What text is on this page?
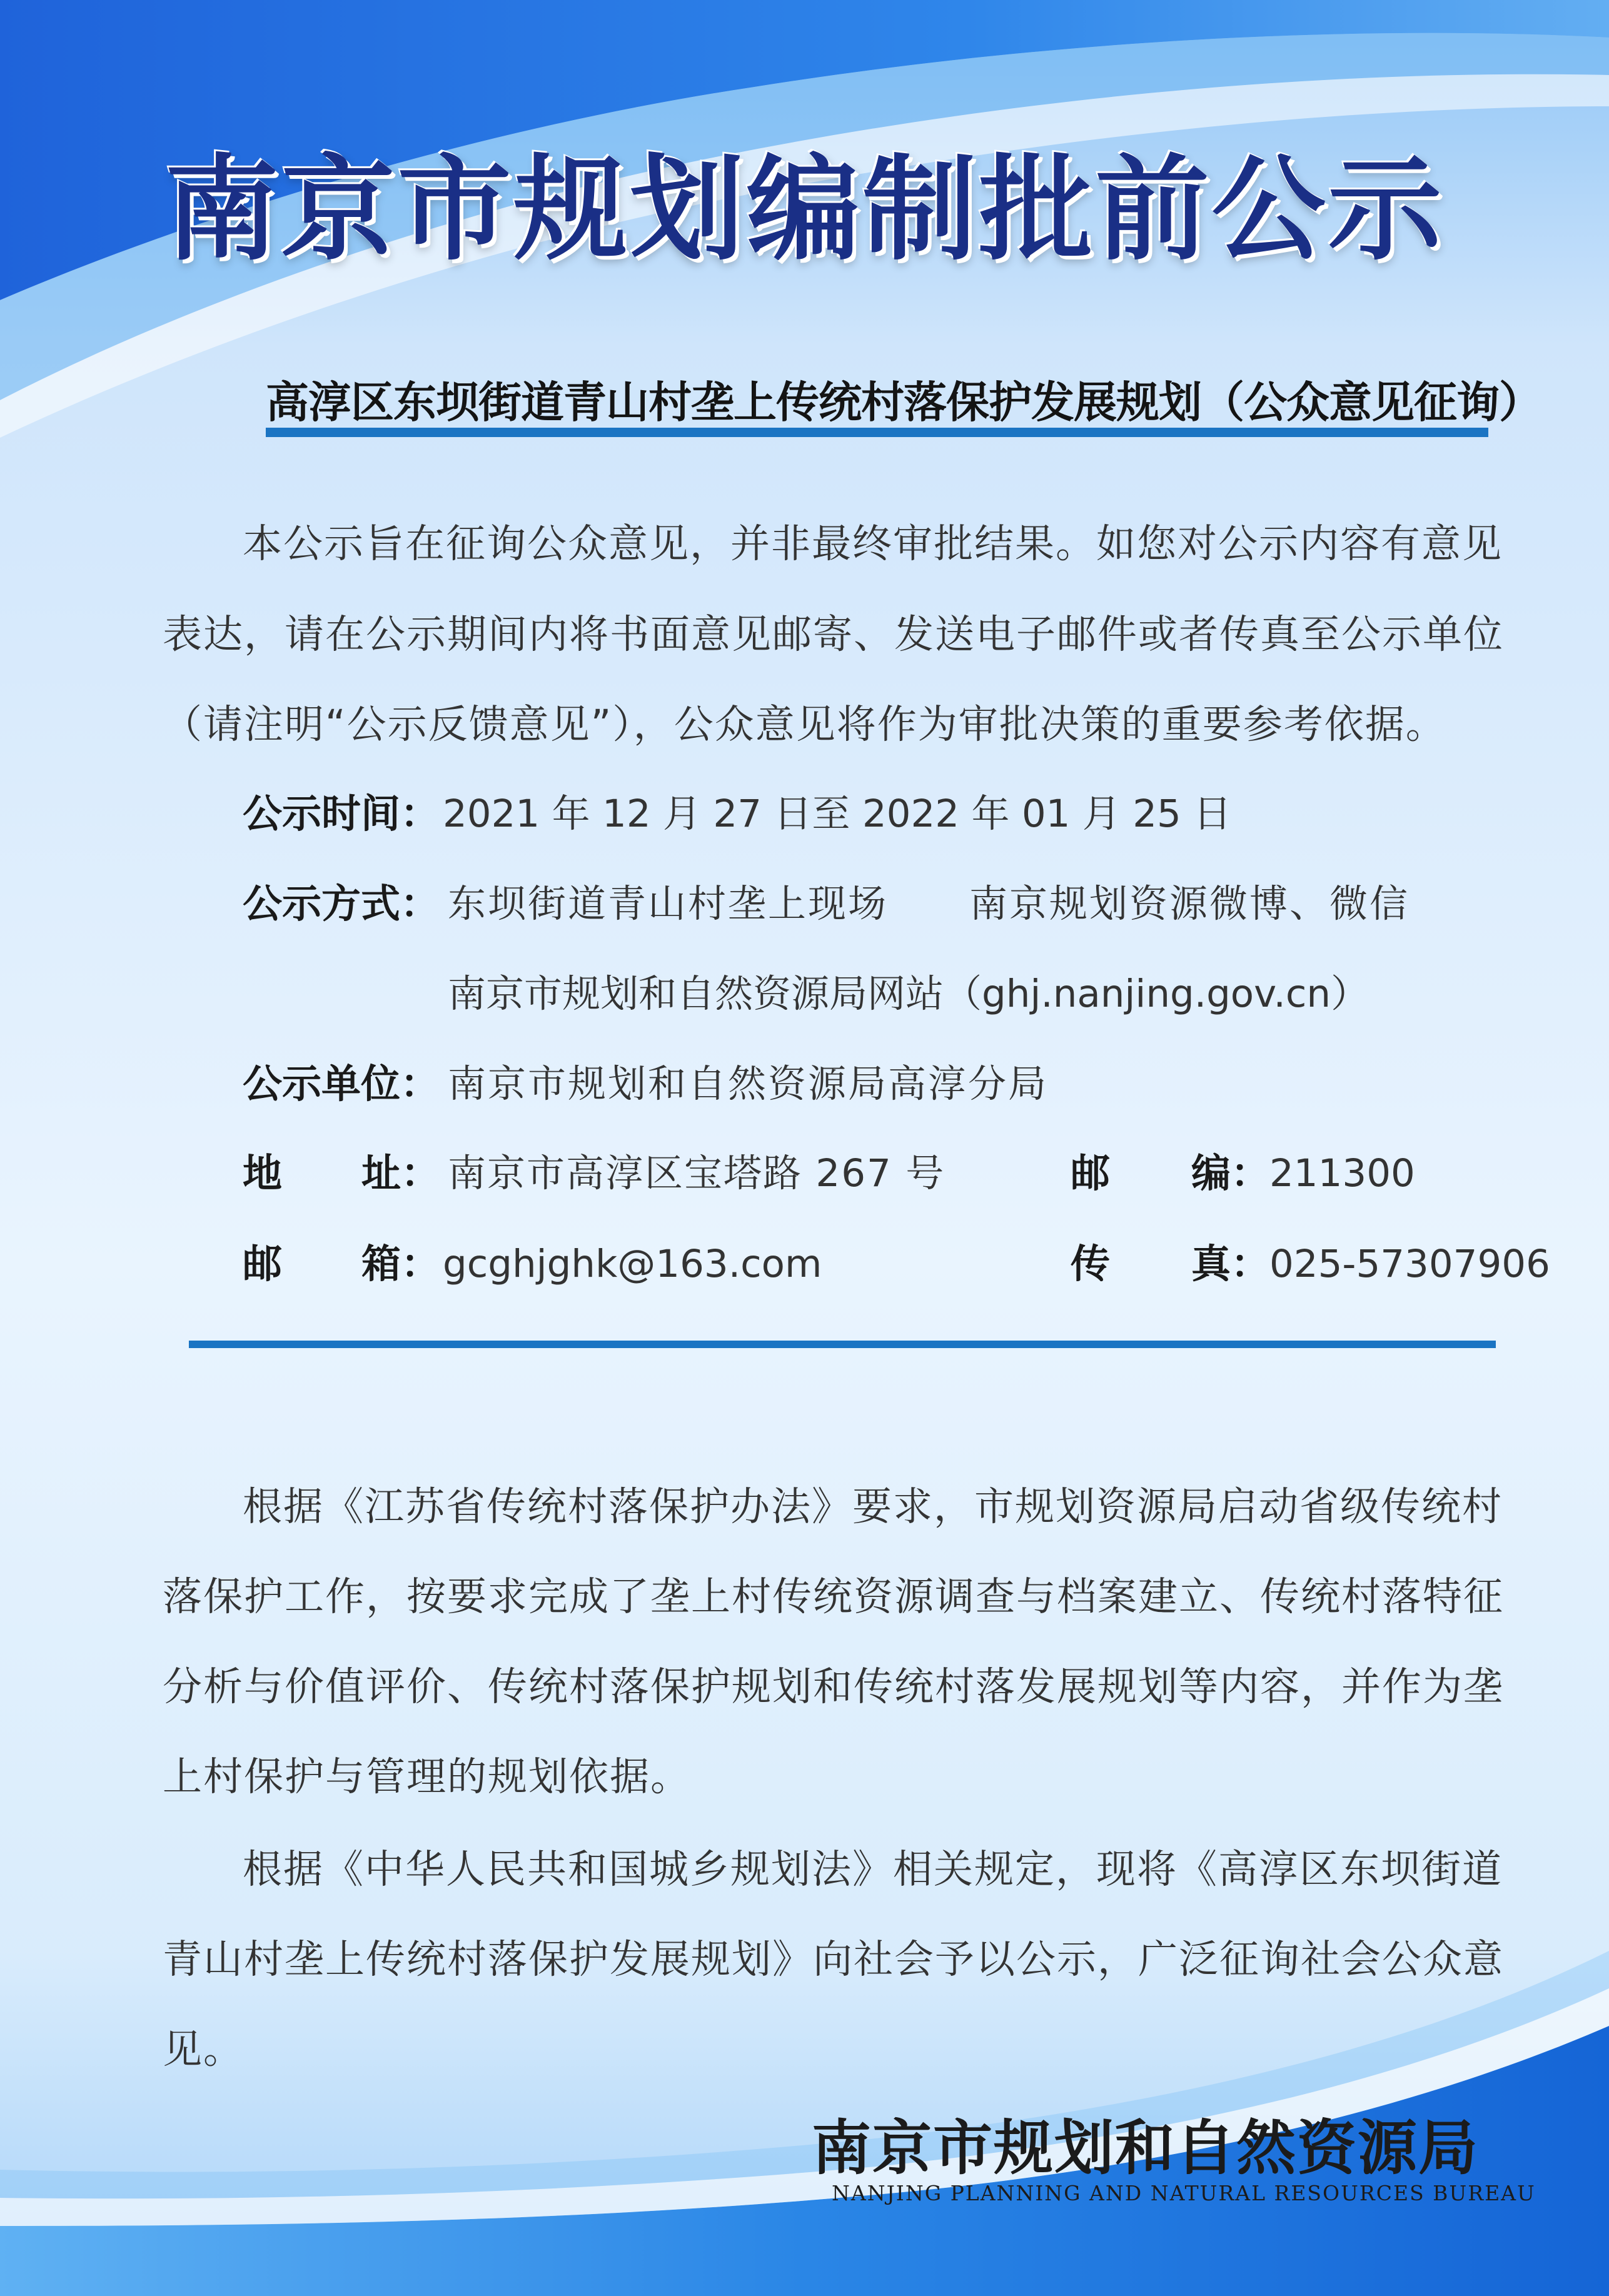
南京市规划编制批前公示
高淳区东坝街道青山村垄上传统村落保护发展规划（公众意见征询）
本公示旨在征询公众意见，并非最终审批结果。如您对公示内容有意见
表达，请在公示期间内将书面意见邮寄、发送电子邮件或者传真至公示单位
（请注明“公示反馈意见”），公众意见将作为审批决策的重要参考依据。
公示时间： 2021 年 12 月 27 日至 2022 年 01 月 25 日
公示方式： 东坝街道青山村垄上现场 南京规划资源微博、微信
南京市规划和自然资源局网站（ghj.nanjing.gov.cn）
公示单位： 南京市规划和自然资源局高淳分局
地 址： 南京市高淳区宝塔路 267 号	邮 编： 211300
邮 箱： gcghjghk@163.com	传 真： 025-57307906
根据《江苏省传统村落保护办法》要求，市规划资源局启动省级传统村
落保护工作，按要求完成了垄上村传统资源调查与档案建立、传统村落特征
分析与价值评价、传统村落保护规划和传统村落发展规划等内容，并作为垄
上村保护与管理的规划依据。
根据《中华人民共和国城乡规划法》相关规定，现将《高淳区东坝街道
青山村垄上传统村落保护发展规划》向社会予以公示，广泛征询社会公众意
见。
南京市规划和自然资源局
NANJING PLANNING AND NATURAL RESOURCES BUREAU
